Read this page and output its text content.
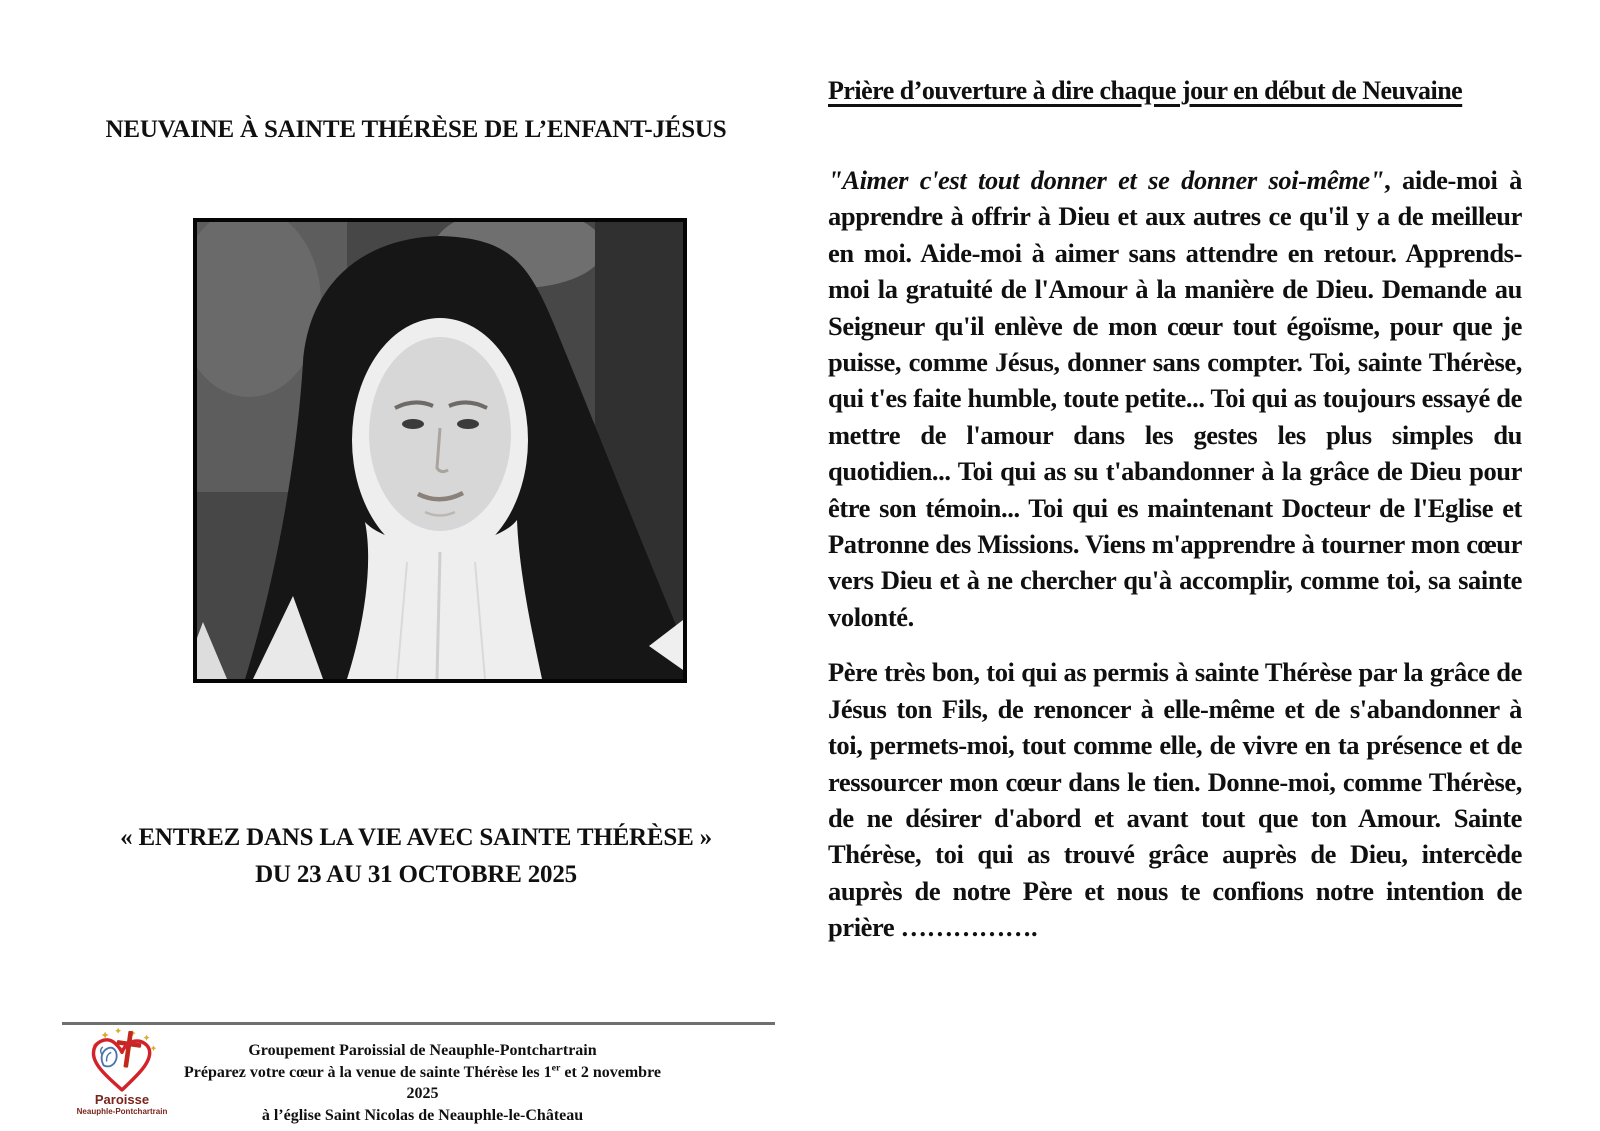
NEUVAINE À SAINTE THÉRÈSE DE L’ENFANT-JÉSUS
« ENTREZ DANS LA VIE AVEC SAINTE THÉRÈSE »
DU 23 AU 31 OCTOBRE 2025
Prière d’ouverture à dire chaque jour en début de Neuvaine

"Aimer c'est tout donner et se donner soi-même", aide-moi à apprendre à offrir à Dieu et aux autres ce qu'il y a de meilleur en moi. Aide-moi à aimer sans attendre en retour. Apprends-moi la gratuité de l'Amour à la manière de Dieu. Demande au Seigneur qu'il enlève de mon cœur tout égoïsme, pour que je puisse, comme Jésus, donner sans compter. Toi, sainte Thérèse, qui t'es faite humble, toute petite... Toi qui as toujours essayé de mettre de l'amour dans les gestes les plus simples du quotidien... Toi qui as su t'abandonner à la grâce de Dieu pour être son témoin... Toi qui es maintenant Docteur de l'Eglise et Patronne des Missions. Viens m'apprendre à tourner mon cœur vers Dieu et à ne chercher qu'à accomplir, comme toi, sa sainte volonté.

Père très bon, toi qui as permis à sainte Thérèse par la grâce de Jésus ton Fils, de renoncer à elle-même et de s'abandonner à toi, permets-moi, tout comme elle, de vivre en ta présence et de ressourcer mon cœur dans le tien. Donne-moi, comme Thérèse, de ne désirer d'abord et avant tout que ton Amour. Sainte Thérèse, toi qui as trouvé grâce auprès de Dieu, intercède auprès de notre Père et nous te confions notre intention de prière …………….

Paroisse
Neauphle-Pontchartrain
Groupement Paroissial de Neauphle-Pontchartrain
Préparez votre cœur à la venue de sainte Thérèse les 1er et 2 novembre 2025
à l’église Saint Nicolas de Neauphle-le-Château
